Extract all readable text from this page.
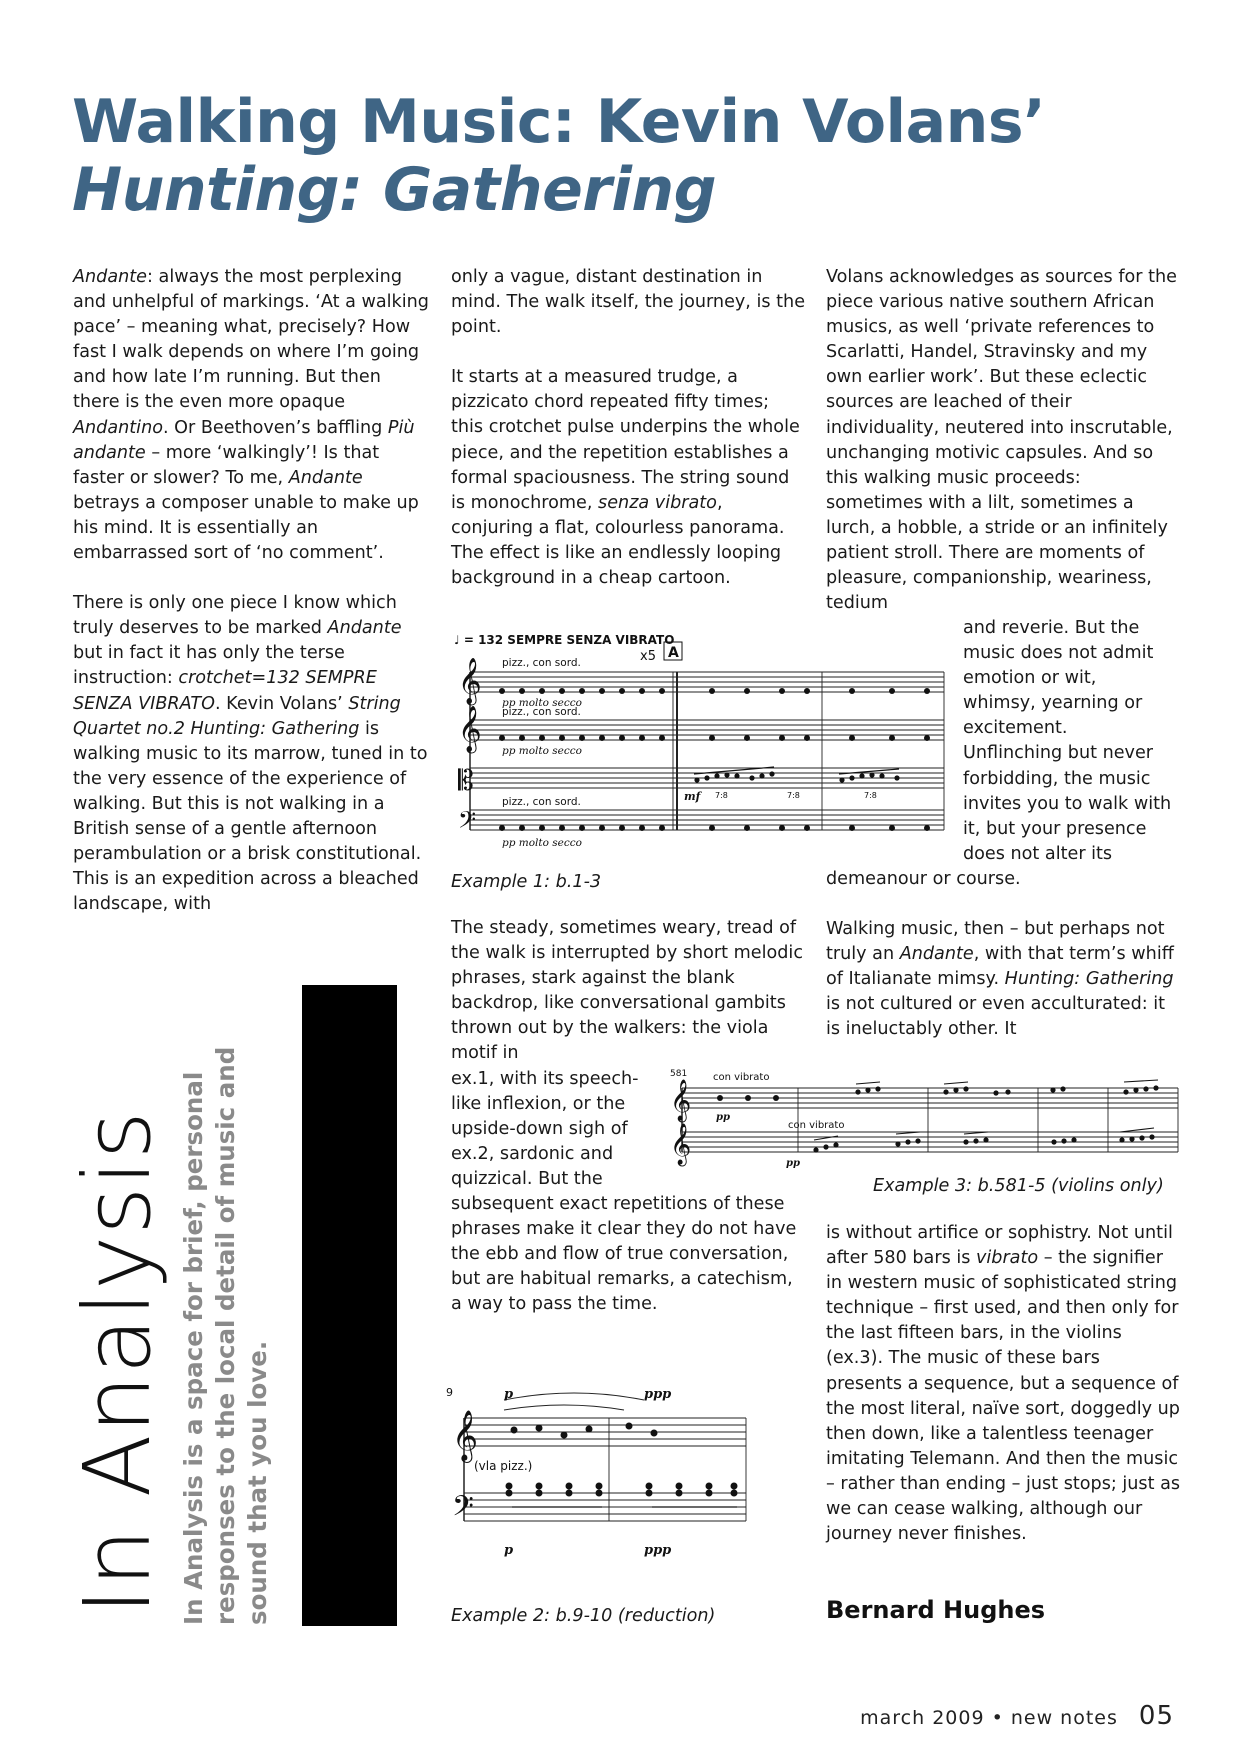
Walking Music: Kevin Volans’
Hunting: Gathering

Andante: always the most perplexing and unhelpful of markings. ‘At a walking pace’ – meaning what, precisely? How fast I walk depends on where I’m going and how late I’m running. But then there is the even more opaque Andantino. Or Beethoven’s baffling Più andante – more ‘walkingly’! Is that faster or slower? To me, Andante betrays a composer unable to make up his mind. It is essentially an embarrassed sort of ‘no comment’.

There is only one piece I know which truly deserves to be marked Andante but in fact it has only the terse instruction: crotchet=132 SEMPRE SENZA VIBRATO. Kevin Volans’ String Quartet no.2 Hunting: Gathering is walking music to its marrow, tuned in to the very essence of the experience of walking. But this is not walking in a British sense of a gentle afternoon perambulation or a brisk constitutional. This is an expedition across a bleached landscape, with

only a vague, distant destination in mind. The walk itself, the journey, is the point.

It starts at a measured trudge, a pizzicato chord repeated fifty times; this crotchet pulse underpins the whole piece, and the repetition establishes a formal spaciousness. The string sound is monochrome, senza vibrato, conjuring a flat, colourless panorama. The effect is like an endlessly looping background in a cheap cartoon.

The steady, sometimes weary, tread of the walk is interrupted by short melodic phrases, stark against the blank backdrop, like conversational gambits thrown out by the walkers: the viola motif in

ex.1, with its speech-
like inflexion, or the
upside-down sigh of
ex.2, sardonic and
quizzical. But the

subsequent exact repetitions of these phrases make it clear they do not have the ebb and flow of true conversation, but are habitual remarks, a catechism, a way to pass the time.

Volans acknowledges as sources for the piece various native southern African musics, as well ‘private references to Scarlatti, Handel, Stravinsky and my own earlier work’. But these eclectic sources are leached of their individuality, neutered into inscrutable, unchanging motivic capsules. And so this walking music proceeds: sometimes with a lilt, sometimes a lurch, a hobble, a stride or an infinitely patient stroll. There are moments of pleasure, companionship, weariness, tedium

and reverie. But the
music does not admit
emotion or wit,
whimsy, yearning or
excitement.
Unflinching but never
forbidding, the music
invites you to walk with
it, but your presence
does not alter its
demeanour or course.

Walking music, then – but perhaps not truly an Andante, with that term’s whiff of Italianate mimsy. Hunting: Gathering is not cultured or even acculturated: it is ineluctably other. It

is without artifice or sophistry. Not until after 580 bars is vibrato – the signifier in western music of sophisticated string technique – first used, and then only for the last fifteen bars, in the violins (ex.3). The music of these bars presents a sequence, but a sequence of the most literal, naïve sort, doggedly up then down, like a talentless teenager imitating Telemann. And then the music – rather than ending – just stops; just as we can cease walking, although our journey never finishes.

𝄞
𝄞
𝄡
𝄢
♩ = 132 SEMPRE SENZA VIBRATO
x5 A
pizz., con sord.
pizz., con sord.
pizz., con sord.
pp molto secco
pp molto secco
mf
pp molto secco
7:8	7:8	7:8
Example 1: b.1-3
𝄞
𝄞
581	con vibrato
con vibrato
pp
pp
Example 3: b.581-5 (violins only)
𝄞
𝄢
9	p	ppp
(vla pizz.)
p	ppp
Example 2: b.9-10 (reduction)
In Analysis In Analysis is a space for brief, personal responses to the local detail of music and sound that you love.	Bernard Hughes
march 2009 • new notes 05
